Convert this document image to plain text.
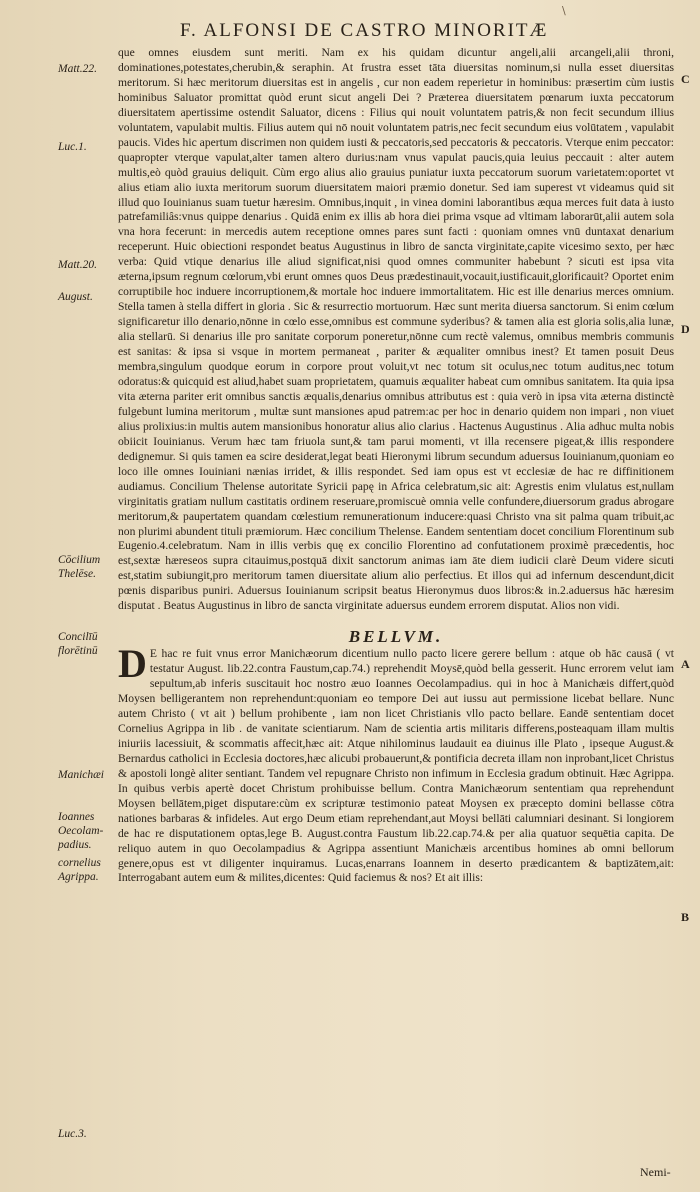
\
F. ALFONSI DE CASTRO MINORITÆ

que omnes eiusdem sunt meriti. Nam ex his quidam dicuntur angeli,alii arcangeli,alii throni, dominationes,potestates,cherubin,& seraphin. At frustra esset tāta diuersitas nominum,si nulla esset diuersitas meritorum. Si hæc meritorum diuersitas est in angelis , cur non eadem reperietur in hominibus: præsertim cùm iustis hominibus Saluator promittat quòd erunt sicut angeli Dei ? Præterea diuersitatem pœnarum iuxta peccatorum diuersitatem apertissime ostendit Saluator, dicens : Filius qui nouit voluntatem patris,& non fecit secundum illius voluntatem, vapulabit multis. Filius autem qui nō nouit voluntatem patris,nec fecit secundum eius volūtatem , vapulabit paucis. Vides hic apertum discrimen non quidem iusti & peccatoris,sed peccatoris & peccatoris. Vterque enim peccator: quapropter vterque vapulat,alter tamen altero durius:nam vnus vapulat paucis,quia leuius peccauit : alter autem multis,eò quòd grauius deliquit. Cùm ergo alius alio grauius puniatur iuxta peccatorum suorum varietatem:oportet vt alius etiam alio iuxta meritorum suorum diuersitatem maiori præmio donetur. Sed iam superest vt videamus quid sit illud quo Iouinianus suam tuetur hæresim. Omnibus,inquit , in vinea domini laborantibus æqua merces fuit data à iusto patrefamiliâs:vnus quippe denarius . Quidā enim ex illis ab hora diei prima vsque ad vltimam laborarūt,alii autem sola vna hora fecerunt: in mercedis autem receptione omnes pares sunt facti : quoniam omnes vnū duntaxat denarium receperunt. Huic obiectioni respondet beatus Augustinus in libro de sancta virginitate,capite vicesimo sexto, per hæc verba: Quid vtique denarius ille aliud significat,nisi quod omnes communiter habebunt ? sicuti est ipsa vita æterna,ipsum regnum cœlorum,vbi erunt omnes quos Deus prædestinauit,vocauit,iustificauit,glorificauit? Oportet enim corruptibile hoc induere incorruptionem,& mortale hoc induere immortalitatem. Hic est ille denarius merces omnium. Stella tamen à stella differt in gloria . Sic & resurrectio mortuorum. Hæc sunt merita diuersa sanctorum. Si enim cœlum significaretur illo denario,nōnne in cœlo esse,omnibus est commune syderibus? & tamen alia est gloria solis,alia lunæ, alia stellarū. Si denarius ille pro sanitate corporum poneretur,nōnne cum rectè valemus, omnibus membris communis est sanitas: & ipsa si vsque in mortem permaneat , pariter & æqualiter omnibus inest? Et tamen posuit Deus membra,singulum quodque eorum in corpore prout voluit,vt nec totum sit oculus,nec totum auditus,nec totum odoratus:& quicquid est aliud,habet suam proprietatem, quamuis æqualiter habeat cum omnibus sanitatem. Ita quia ipsa vita æterna pariter erit omnibus sanctis æqualis,denarius omnibus attributus est : quia verò in ipsa vita æterna distinctè fulgebunt lumina meritorum , multæ sunt mansiones apud patrem:ac per hoc in denario quidem non impari , non viuet alius prolixius:in multis autem mansionibus honoratur alius alio clarius . Hactenus Augustinus . Alia adhuc multa nobis obiicit Iouinianus. Verum hæc tam friuola sunt,& tam parui momenti, vt illa recensere pigeat,& illis respondere dedignemur. Si quis tamen ea scire desiderat,legat beati Hieronymi librum secundum aduersus Iouinianum,quoniam eo loco ille omnes Iouiniani nænias irridet, & illis respondet. Sed iam opus est vt ecclesiæ de hac re diffinitionem audiamus. Concilium Thelense autoritate Syricii papę in Africa celebratum,sic ait: Agrestis enim vlulatus est,nullam virginitatis gratiam nullum castitatis ordinem reseruare,promiscuè omnia velle confundere,diuersorum gradus abrogare meritorum,& paupertatem quandam cœlestium remunerationum inducere:quasi Christo vna sit palma quam tribuit,ac non plurimi abundent tituli præmiorum. Hæc concilium Thelense. Eandem sententiam docet concilium Florentinum sub Eugenio.4.celebratum. Nam in illis verbis quę ex concilio Florentino ad confutationem proximè præcedentis, hoc est,sextæ hæreseos supra citauimus,postquā dixit sanctorum animas iam āte diem iudicii clarè Deum videre sicuti est,statim subiungit,pro meritorum tamen diuersitate alium alio perfectius. Et illos qui ad infernum descendunt,dicit pœnis disparibus puniri. Aduersus Iouinianum scripsit beatus Hieronymus duos libros:& in.2.aduersus hāc hæresim disputat . Beatus Augustinus in libro de sancta virginitate aduersus eundem errorem disputat. Alios non vidi.

BELLVM.

D E hac re fuit vnus error Manichæorum dicentium nullo pacto licere gerere bellum : atque ob hāc causā ( vt testatur August. lib.22.contra Faustum,cap.74.) reprehendit Moysē,quòd bella gesserit. Hunc errorem velut iam sepultum,ab inferis suscitauit hoc nostro æuo Ioannes Oecolampadius. qui in hoc à Manichæis differt,quòd Moysen belligerantem non reprehendunt:quoniam eo tempore Dei aut iussu aut permissione licebat bellare. Nunc autem Christo ( vt ait ) bellum prohibente , iam non licet Christianis vllo pacto bellare. Eandē sententiam docet Cornelius Agrippa in lib . de vanitate scientiarum. Nam de scientia artis militaris differens,posteaquam illam multis iniuriis lacessiuit, & scommatis affecit,hæc ait: Atque nihilominus laudauit ea diuinus ille Plato , ipseque August.& Bernardus catholici in Ecclesia doctores,hæc alicubi probauerunt,& pontificia decreta illam non inprobant,licet Christus & apostoli longè aliter sentiant. Tandem vel repugnare Christo non infimum in Ecclesia gradum obtinuit. Hæc Agrippa. In quibus verbis apertè docet Christum prohibuisse bellum. Contra Manichæorum sententiam qua reprehendunt Moysen bellātem,piget disputare:cùm ex scripturæ testimonio pateat Moysen ex præcepto domini bellasse cōtra nationes barbaras & infideles. Aut ergo Deum etiam reprehendant,aut Moysi bellāti calumniari desinant. Si longiorem de hac re disputationem optas,lege B. August.contra Faustum lib.22.cap.74.& per alia quatuor sequētia capita. De reliquo autem in quo Oecolampadius & Agrippa assentiunt Manichæis arcentibus homines ab omni bellorum genere,opus est vt diligenter inquiramus. Lucas,enarrans Ioannem in deserto prædicantem & baptizātem,ait: Interrogabant autem eum & milites,dicentes: Quid faciemus & nos? Et ait illis:

Matt.22.
Luc.1.
Matt.20.
August.
Cōcilium Thelēse.
Concilīū florētinū
Manichæi
Ioannes Oecolam- padius.
cornelius Agrippa.
Luc.3.
C
D
A
B
Nemi-
